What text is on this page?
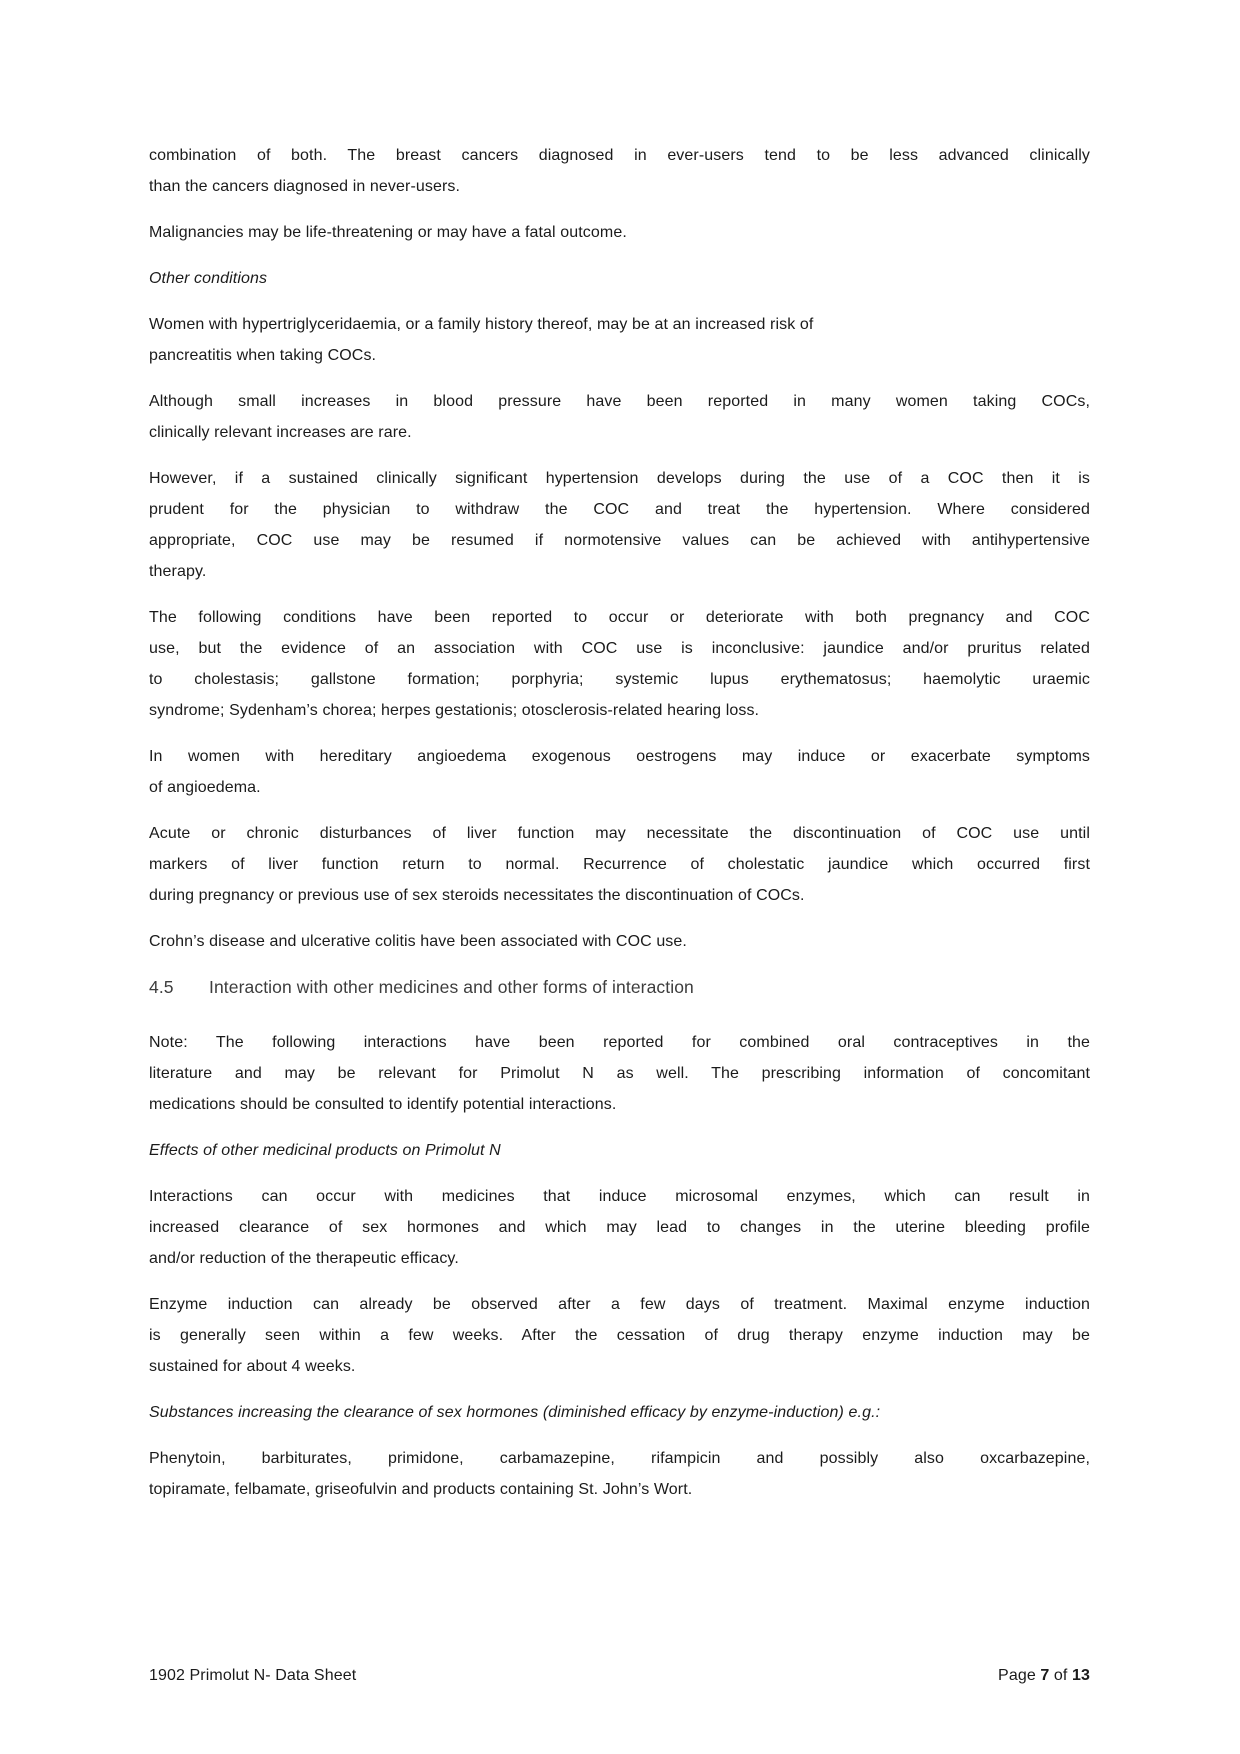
combination of both. The breast cancers diagnosed in ever-users tend to be less advanced clinically
than the cancers diagnosed in never-users.

Malignancies may be life-threatening or may have a fatal outcome.

Other conditions

Women with hypertriglyceridaemia, or a family history thereof, may be at an increased risk of
pancreatitis when taking COCs.

Although small increases in blood pressure have been reported in many women taking COCs,
clinically relevant increases are rare.

However, if a sustained clinically significant hypertension develops during the use of a COC then it is
prudent for the physician to withdraw the COC and treat the hypertension. Where considered
appropriate, COC use may be resumed if normotensive values can be achieved with antihypertensive
therapy.

The following conditions have been reported to occur or deteriorate with both pregnancy and COC
use, but the evidence of an association with COC use is inconclusive: jaundice and/or pruritus related
to cholestasis; gallstone formation; porphyria; systemic lupus erythematosus; haemolytic uraemic
syndrome; Sydenham’s chorea; herpes gestationis; otosclerosis-related hearing loss.

In women with hereditary angioedema exogenous oestrogens may induce or exacerbate symptoms
of angioedema.

Acute or chronic disturbances of liver function may necessitate the discontinuation of COC use until
markers of liver function return to normal. Recurrence of cholestatic jaundice which occurred first
during pregnancy or previous use of sex steroids necessitates the discontinuation of COCs.

Crohn’s disease and ulcerative colitis have been associated with COC use.

4.5 Interaction with other medicines and other forms of interaction

Note: The following interactions have been reported for combined oral contraceptives in the
literature and may be relevant for Primolut N as well. The prescribing information of concomitant
medications should be consulted to identify potential interactions.

Effects of other medicinal products on Primolut N

Interactions can occur with medicines that induce microsomal enzymes, which can result in
increased clearance of sex hormones and which may lead to changes in the uterine bleeding profile
and/or reduction of the therapeutic efficacy.

Enzyme induction can already be observed after a few days of treatment. Maximal enzyme induction
is generally seen within a few weeks. After the cessation of drug therapy enzyme induction may be
sustained for about 4 weeks.

Substances increasing the clearance of sex hormones (diminished efficacy by enzyme-induction) e.g.:

Phenytoin, barbiturates, primidone, carbamazepine, rifampicin and possibly also oxcarbazepine,
topiramate, felbamate, griseofulvin and products containing St. John’s Wort.

1902 Primolut N- Data Sheet	Page 7 of 13
